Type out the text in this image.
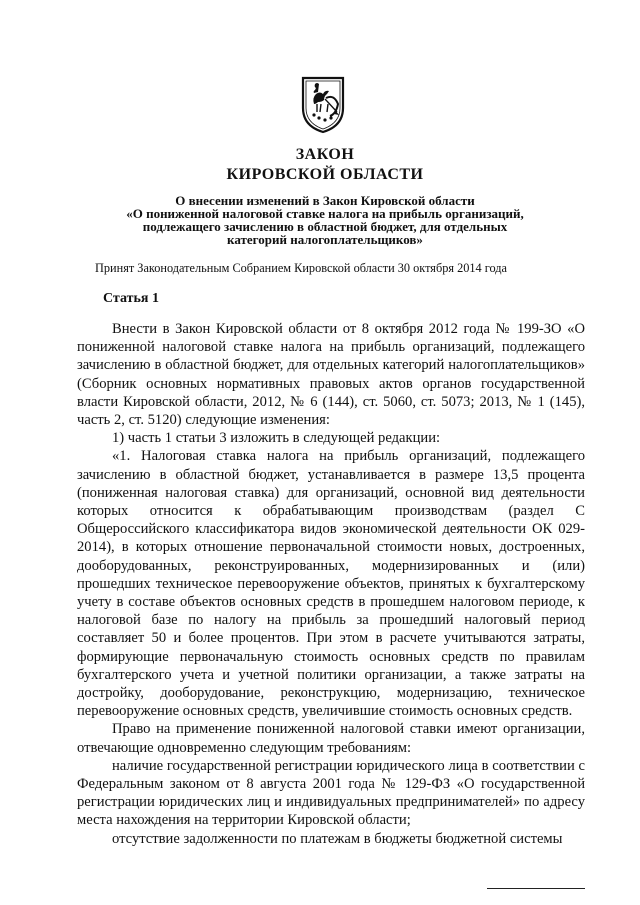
ЗАКОН
КИРОВСКОЙ ОБЛАСТИ
О внесении изменений в Закон Кировской области
«О пониженной налоговой ставке налога на прибыль организаций,
подлежащего зачислению в областной бюджет, для отдельных
категорий налогоплательщиков»
Принят Законодательным Собранием Кировской области 30 октября 2014 года
Статья 1

Внести в Закон Кировской области от 8 октября 2012 года № 199-ЗО «О пониженной налоговой ставке налога на прибыль организаций, подлежащего зачислению в областной бюджет, для отдельных категорий налогоплательщиков» (Сборник основных нормативных правовых актов органов государственной власти Кировской области, 2012, № 6 (144), ст. 5060, ст. 5073; 2013, № 1 (145), часть 2, ст. 5120) следующие изменения:

1) часть 1 статьи 3 изложить в следующей редакции:

«1. Налоговая ставка налога на прибыль организаций, подлежащего зачислению в областной бюджет, устанавливается в размере 13,5 процента (пониженная налоговая ставка) для организаций, основной вид деятельности которых относится к обрабатывающим производствам (раздел С Общероссийского классификатора видов экономической деятельности ОК 029-2014), в которых отношение первоначальной стоимости новых, достроенных, дооборудованных, реконструированных, модернизированных и (или) прошедших техническое перевооружение объектов, принятых к бухгалтерскому учету в составе объектов основных средств в прошедшем налоговом периоде, к налоговой базе по налогу на прибыль за прошедший налоговый период составляет 50 и более процентов. При этом в расчете учитываются затраты, формирующие первоначальную стоимость основных средств по правилам бухгалтерского учета и учетной политики организации, а также затраты на достройку, дооборудование, реконструкцию, модернизацию, техническое перевооружение основных средств, увеличившие стоимость основных средств.

Право на применение пониженной налоговой ставки имеют организации, отвечающие одновременно следующим требованиям:

наличие государственной регистрации юридического лица в соответствии с Федеральным законом от 8 августа 2001 года № 129-ФЗ «О государственной регистрации юридических лиц и индивидуальных предпринимателей» по адресу места нахождения на территории Кировской области;

отсутствие задолженности по платежам в бюджеты бюджетной системы
